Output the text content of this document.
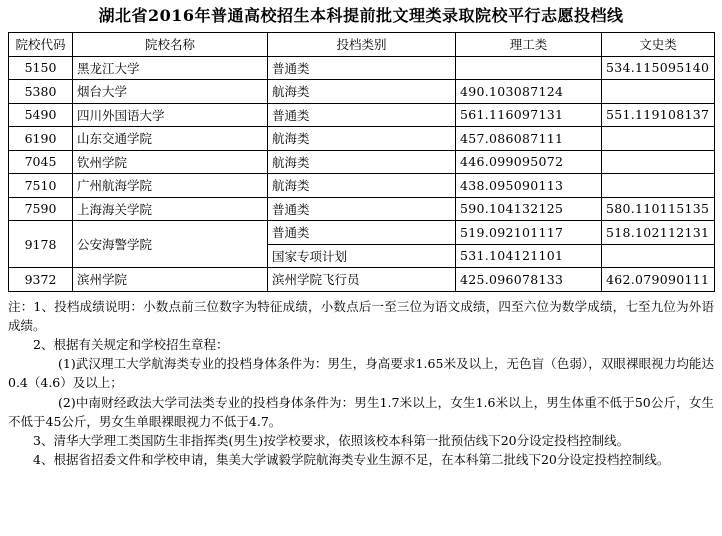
湖北省2016年普通高校招生本科提前批文理类录取院校平行志愿投档线
院校代码	院校名称	投档类别	理工类	文史类
5150	黑龙江大学	普通类		534.115095140
5380	烟台大学	航海类	490.103087124	
5490	四川外国语大学	普通类	561.116097131	551.119108137
6190	山东交通学院	航海类	457.086087111	
7045	钦州学院	航海类	446.099095072	
7510	广州航海学院	航海类	438.095090113	
7590	上海海关学院	普通类	590.104132125	580.110115135
9178	公安海警学院	普通类	519.092101117	518.102112131
		国家专项计划	531.104121101	
9372	滨州学院	滨州学院飞行员	425.096078133	462.079090111

注：1、投档成绩说明：小数点前三位数字为特征成绩，小数点后一至三位为语文成绩，四至六位为数学成绩，七至九位为外语成绩。

2、根据有关规定和学校招生章程：

(1)武汉理工大学航海类专业的投档身体条件为：男生，身高要求1.65米及以上，无色盲（色弱），双眼裸眼视力均能达0.4（4.6）及以上；

(2)中南财经政法大学司法类专业的投档身体条件为：男生1.7米以上，女生1.6米以上，男生体重不低于50公斤，女生不低于45公斤，男女生单眼裸眼视力不低于4.7。

3、清华大学理工类国防生非指挥类(男生)按学校要求，依照该校本科第一批预估线下20分设定投档控制线。

4、根据省招委文件和学校申请，集美大学诚毅学院航海类专业生源不足，在本科第二批线下20分设定投档控制线。
